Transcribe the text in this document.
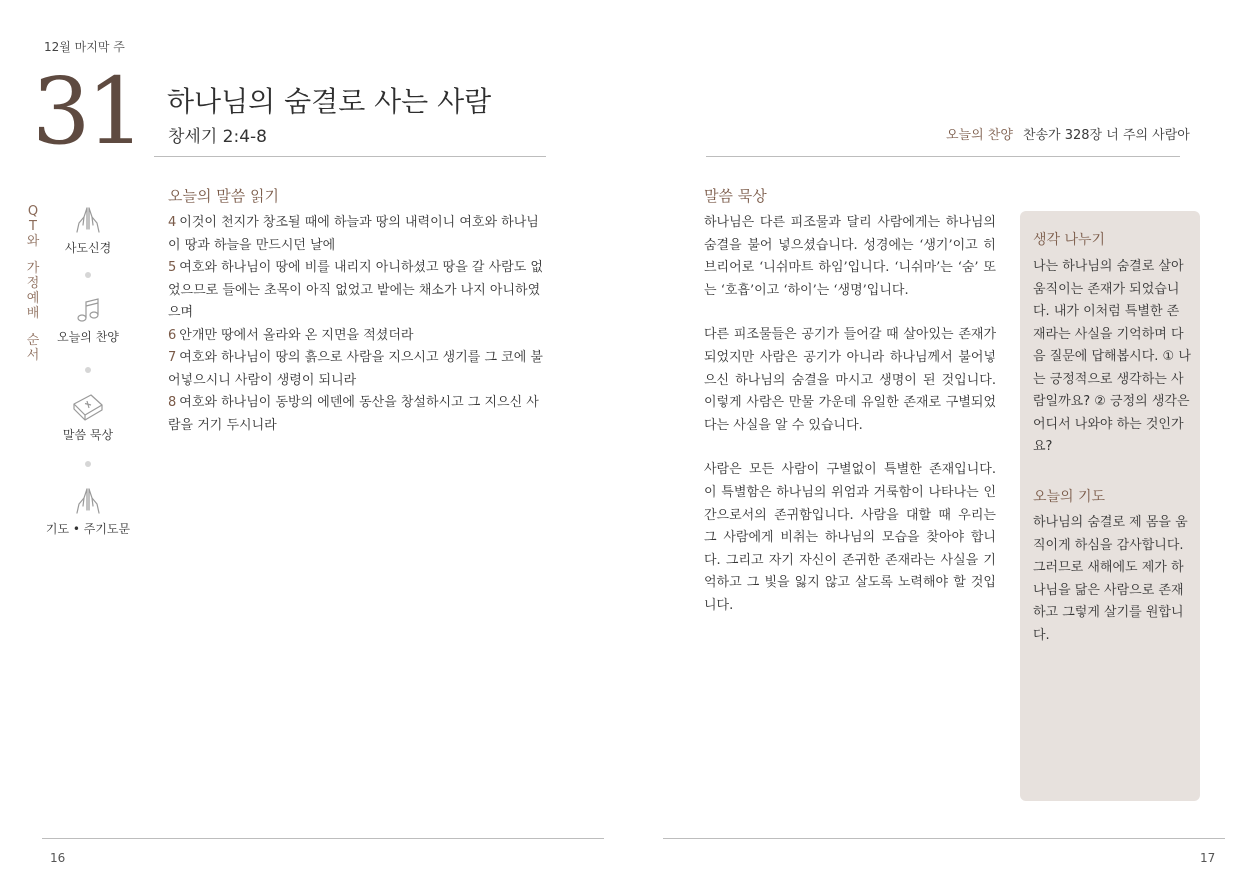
12월 마지막 주
31 하나님의 숨결로 사는 사람
창세기 2:4-8	오늘의 찬양 찬송가 328장 너 주의 사람아
Q
T
와
가
정
예
배
순
서
사도신경
오늘의 찬양
말씀 묵상
기도 • 주기도문
오늘의 말씀 읽기
4 이것이 천지가 창조될 때에 하늘과 땅의 내력이니 여호와 하나님이 땅과 하늘을 만드시던 날에
5 여호와 하나님이 땅에 비를 내리지 아니하셨고 땅을 갈 사람도 없었으므로 들에는 초목이 아직 없었고 밭에는 채소가 나지 아니하였으며
6 안개만 땅에서 올라와 온 지면을 적셨더라
7 여호와 하나님이 땅의 흙으로 사람을 지으시고 생기를 그 코에 불어넣으시니 사람이 생령이 되니라
8 여호와 하나님이 동방의 에덴에 동산을 창설하시고 그 지으신 사람을 거기 두시니라
말씀 묵상

하나님은 다른 피조물과 달리 사람에게는 하나님의 숨결을 불어 넣으셨습니다. 성경에는 ‘생기’이고 히브리어로 ‘니쉬마트 하임’입니다. ‘니쉬마’는 ‘숨’ 또는 ‘호흡’이고 ‘하이’는 ‘생명’입니다.

다른 피조물들은 공기가 들어갈 때 살아있는 존재가 되었지만 사람은 공기가 아니라 하나님께서 불어넣으신 하나님의 숨결을 마시고 생명이 된 것입니다. 이렇게 사람은 만물 가운데 유일한 존재로 구별되었다는 사실을 알 수 있습니다.

사람은 모든 사람이 구별없이 특별한 존재입니다. 이 특별함은 하나님의 위엄과 거룩함이 나타나는 인간으로서의 존귀함입니다. 사람을 대할 때 우리는 그 사람에게 비취는 하나님의 모습을 찾아야 합니다. 그리고 자기 자신이 존귀한 존재라는 사실을 기억하고 그 빛을 잃지 않고 살도록 노력해야 할 것입니다.

생각 나누기
나는 하나님의 숨결로 살아 움직이는 존재가 되었습니다. 내가 이처럼 특별한 존재라는 사실을 기억하며 다음 질문에 답해봅시다. ① 나는 긍정적으로 생각하는 사람일까요? ② 긍정의 생각은 어디서 나와야 하는 것인가요?
오늘의 기도
하나님의 숨결로 제 몸을 움직이게 하심을 감사합니다. 그러므로 새해에도 제가 하나님을 닮은 사람으로 존재하고 그렇게 살기를 원합니다.
16	17
